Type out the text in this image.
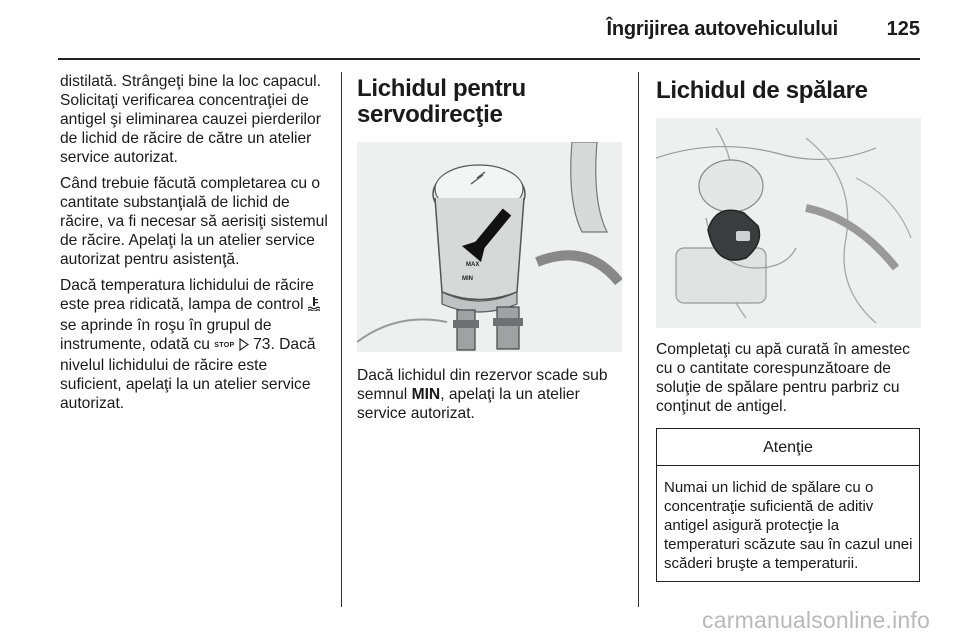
Îngrijirea autovehiculului 125

distilată. Strângeţi bine la loc capacul. Solicitaţi verificarea concentraţiei de antigel şi eliminarea cauzei pierderilor de lichid de răcire de către un atelier service autorizat.

Când trebuie făcută completarea cu o cantitate substanţială de lichid de răcire, va fi necesar să aerisiţi sistemul de răcire. Apelaţi la un atelier service autorizat pentru asistenţă.

Dacă temperatura lichidului de răcire este prea ridicată, lampa de control  se aprinde în roşu în grupul de instrumente, odată cu STOP 73. Dacă nivelul lichidului de răcire este suficient, apelaţi la un atelier service autorizat.

Lichidul pentru servodirecţie
MAX
MIN

Dacă lichidul din rezervor scade sub semnul MIN, apelaţi la un atelier service autorizat.

Lichidul de spălare

Completaţi cu apă curată în amestec cu o cantitate corespunzătoare de soluţie de spălare pentru parbriz cu conţinut de antigel.

Atenţie
Numai un lichid de spălare cu o concentraţie suficientă de aditiv antigel asigură protecţie la temperaturi scăzute sau în cazul unei scăderi bruşte a temperaturii.
carmanualsonline.info
